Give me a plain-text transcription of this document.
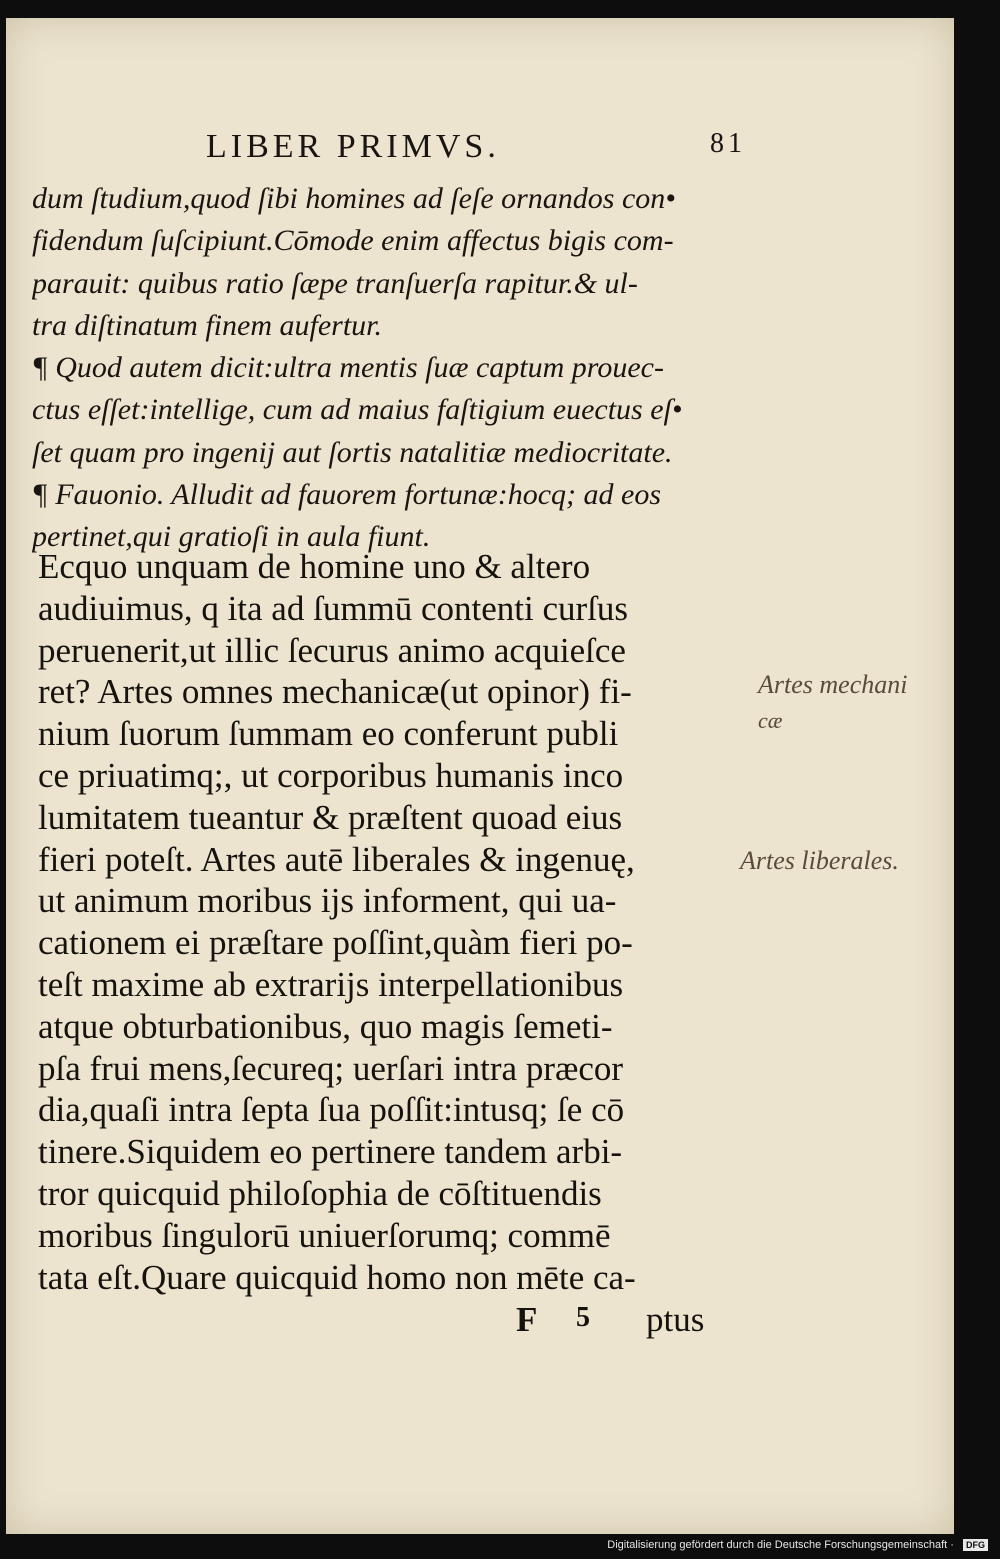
LIBER PRIMVS.	81
dum ſtudium,quod ſibi homines ad ſeſe ornandos con•
fidendum ſuſcipiunt.Cōmode enim affectus bigis com-
parauit: quibus ratio ſæpe tranſuerſa rapitur.& ul-
tra diſtinatum finem aufertur.
¶ Quod autem dicit:ultra mentis ſuæ captum prouec-
ctus eſſet:intellige, cum ad maius faſtigium euectus eſ•
ſet quam pro ingenij aut ſortis natalitiæ mediocritate.
¶ Fauonio. Alludit ad fauorem fortunæ:hocq; ad eos
pertinet,qui gratioſi in aula fiunt.
Ecquo unquam de homine uno & altero
audiuimus, q ita ad ſummū contenti curſus
peruenerit,ut illic ſecurus animo acquieſce
ret? Artes omnes mechanicæ(ut opinor) fi-
nium ſuorum ſummam eo conferunt publi
ce priuatimq;, ut corporibus humanis inco
lumitatem tueantur & præſtent quoad eius
fieri poteſt. Artes autē liberales & ingenuę,
ut animum moribus ijs informent, qui ua-
cationem ei præſtare poſſint,quàm fieri po-
teſt maxime ab extrarijs interpellationibus
atque obturbationibus, quo magis ſemeti-
pſa frui mens,ſecureq; uerſari intra præcor
dia,quaſi intra ſepta ſua poſſit:intusq; ſe cō
tinere.Siquidem eo pertinere tandem arbi-
tror quicquid philoſophia de cōſtituendis
moribus ſingulorū uniuerſorumq; commē
tata eſt.Quare quicquid homo non mēte ca-
F 5 ptus
Artes mechani
cæ
Artes liberales.
Digitalisierung gefördert durch die Deutsche Forschungsgemeinschaft · DFG
